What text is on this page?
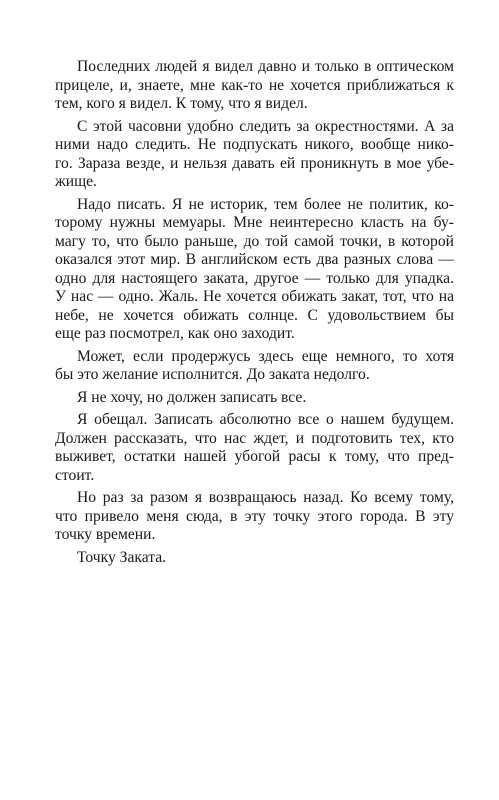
Последних людей я видел давно и только в оптическом
прицеле, и, знаете, мне как-то не хочется приближаться к
тем, кого я видел. К тому, что я видел.
С этой часовни удобно следить за окрестностями. А за
ними надо следить. Не подпускать никого, вообще нико-
го. Зараза везде, и нельзя давать ей проникнуть в мое убе-
жище.
Надо писать. Я не историк, тем более не политик, ко-
торому нужны мемуары. Мне неинтересно класть на бу-
магу то, что было раньше, до той самой точки, в которой
оказался этот мир. В английском есть два разных слова —
одно для настоящего заката, другое — только для упадка.
У нас — одно. Жаль. Не хочется обижать закат, тот, что на
небе, не хочется обижать солнце. С удовольствием бы
еще раз посмотрел, как оно заходит.
Может, если продержусь здесь еще немного, то хотя
бы это желание исполнится. До заката недолго.
Я не хочу, но должен записать все.
Я обещал. Записать абсолютно все о нашем будущем.
Должен рассказать, что нас ждет, и подготовить тех, кто
выживет, остатки нашей убогой расы к тому, что пред-
стоит.
Но раз за разом я возвращаюсь назад. Ко всему тому,
что привело меня сюда, в эту точку этого города. В эту
точку времени.
Точку Заката.
